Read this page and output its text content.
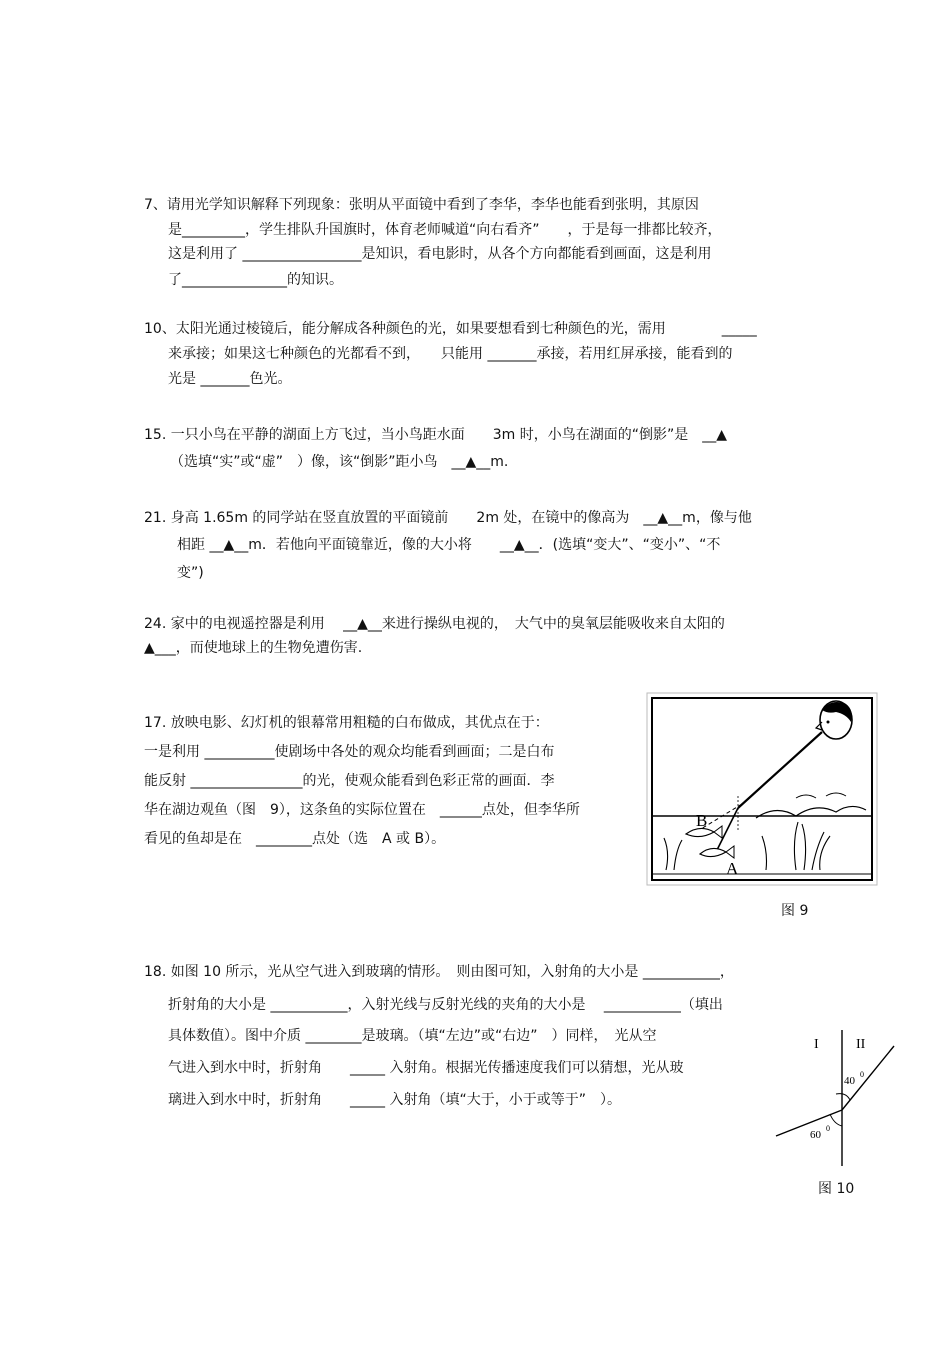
7、请用光学知识解释下列现象：张明从平面镜中看到了李华，李华也能看到张明，其原因
是_________，学生排队升国旗时，体育老师喊道“向右看齐”　　，于是每一排都比较齐，
这是利用了 _________________是知识，看电影时，从各个方向都能看到画面，这是利用
了_______________的知识。
10、太阳光通过棱镜后，能分解成各种颜色的光，如果要想看到七种颜色的光，需用　　　　_____
来承接；如果这七种颜色的光都看不到，　　只能用 _______承接，若用红屏承接，能看到的
光是 _______色光。
15. 一只小鸟在平静的湖面上方飞过，当小鸟距水面　　3m 时，小鸟在湖面的“倒影”是　__▲
（选填“实”或“虚”　）像，该“倒影”距小鸟　__▲__m.
21. 身高 1.65m 的同学站在竖直放置的平面镜前　　2m 处，在镜中的像高为　__▲__m，像与他
相距 __▲__m．若他向平面镜靠近，像的大小将　　__▲__．(选填“变大”、“变小”、“不
变”)
24. 家中的电视遥控器是利用　 __▲__来进行操纵电视的，　大气中的臭氧层能吸收来自太阳的
▲___，而使地球上的生物免遭伤害.
17. 放映电影、幻灯机的银幕常用粗糙的白布做成，其优点在于：
一是利用 __________使剧场中各处的观众均能看到画面；二是白布
能反射 ________________的光，使观众能看到色彩正常的画面．李
华在湖边观鱼（图　9），这条鱼的实际位置在　______点处，但李华所
看见的鱼却是在　________点处（选　A 或 B）。
B
A
图 9
18. 如图 10 所示，光从空气进入到玻璃的情形。　则由图可知，入射角的大小是 ___________，
折射角的大小是 ___________，入射光线与反射光线的夹角的大小是　 ___________（填出
具体数值）。图中介质 ________是玻璃。（填“左边”或“右边”　）同样，　光从空
气进入到水中时，折射角　　_____ 入射角。根据光传播速度我们可以猜想，光从玻
璃进入到水中时，折射角　　_____ 入射角（填“大于，小于或等于”　）。
I	II
40
0
60
0
图 10
